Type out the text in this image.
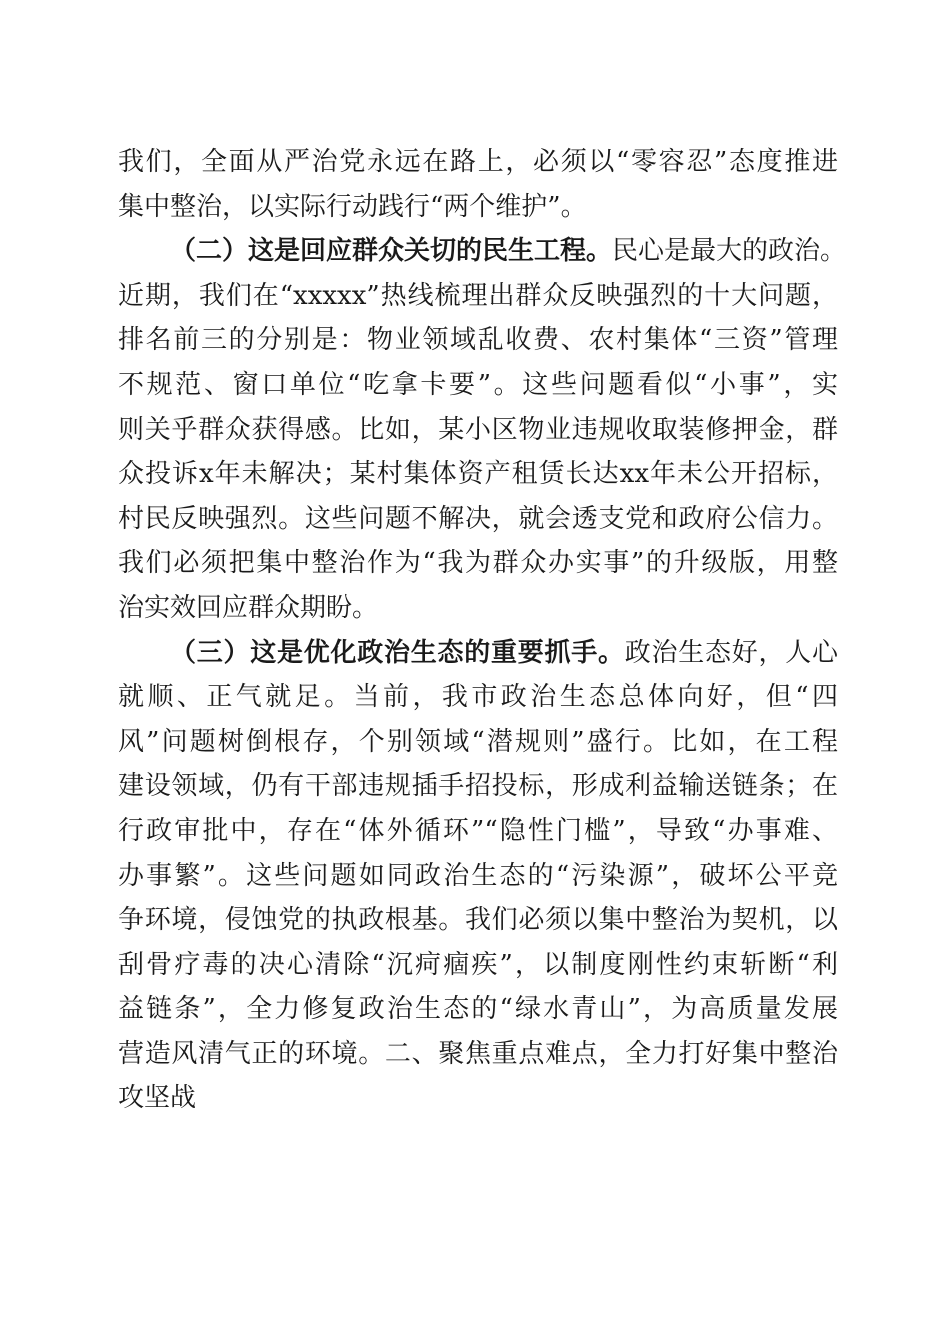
我们，全面从严治党永远在路上，必须以“零容忍”态度推进
集中整治，以实际行动践行“两个维护”。
（二）这是回应群众关切的民生工程。民心是最大的政治。
近期，我们在“xxxxx”热线梳理出群众反映强烈的十大问题，
排名前三的分别是：物业领域乱收费、农村集体“三资”管理
不规范、窗口单位“吃拿卡要”。这些问题看似“小事”，实
则关乎群众获得感。比如，某小区物业违规收取装修押金，群
众投诉x年未解决；某村集体资产租赁长达xx年未公开招标，
村民反映强烈。这些问题不解决，就会透支党和政府公信力。
我们必须把集中整治作为“我为群众办实事”的升级版，用整
治实效回应群众期盼。
（三）这是优化政治生态的重要抓手。政治生态好，人心
就顺、正气就足。当前，我市政治生态总体向好，但“四
风”问题树倒根存，个别领域“潜规则”盛行。比如，在工程
建设领域，仍有干部违规插手招投标，形成利益输送链条；在
行政审批中，存在“体外循环”“隐性门槛”，导致“办事难、
办事繁”。这些问题如同政治生态的“污染源”，破坏公平竞
争环境，侵蚀党的执政根基。我们必须以集中整治为契机，以
刮骨疗毒的决心清除“沉疴痼疾”，以制度刚性约束斩断“利
益链条”，全力修复政治生态的“绿水青山”，为高质量发展
营造风清气正的环境。二、聚焦重点难点，全力打好集中整治
攻坚战
